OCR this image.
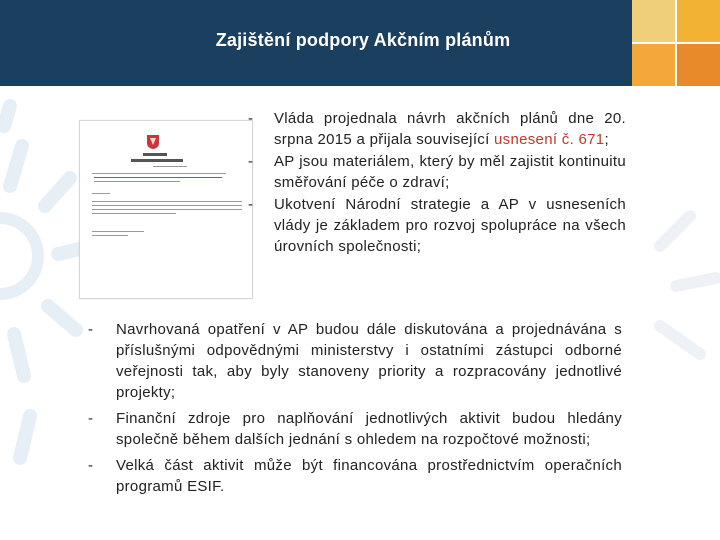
Zajištění podpory Akčním plánům
- Vláda projednala návrh akčních plánů dne 20. srpna 2015 a přijala související usnesení č. 671;
- AP jsou materiálem, který by měl zajistit kontinuitu směřování péče o zdraví;
- Ukotvení Národní strategie a AP v usneseních vlády je základem pro rozvoj spolupráce na všech úrovních společnosti;
- Navrhovaná opatření v AP budou dále diskutována a projednávána s příslušnými odpovědnými ministerstvy i ostatními zástupci odborné veřejnosti tak, aby byly stanoveny priority a rozpracovány jednotlivé projekty;
- Finanční zdroje pro naplňování jednotlivých aktivit budou hledány společně během dalších jednání s ohledem na rozpočtové možnosti;
- Velká část aktivit může být financována prostřednictvím operačních programů ESIF.
